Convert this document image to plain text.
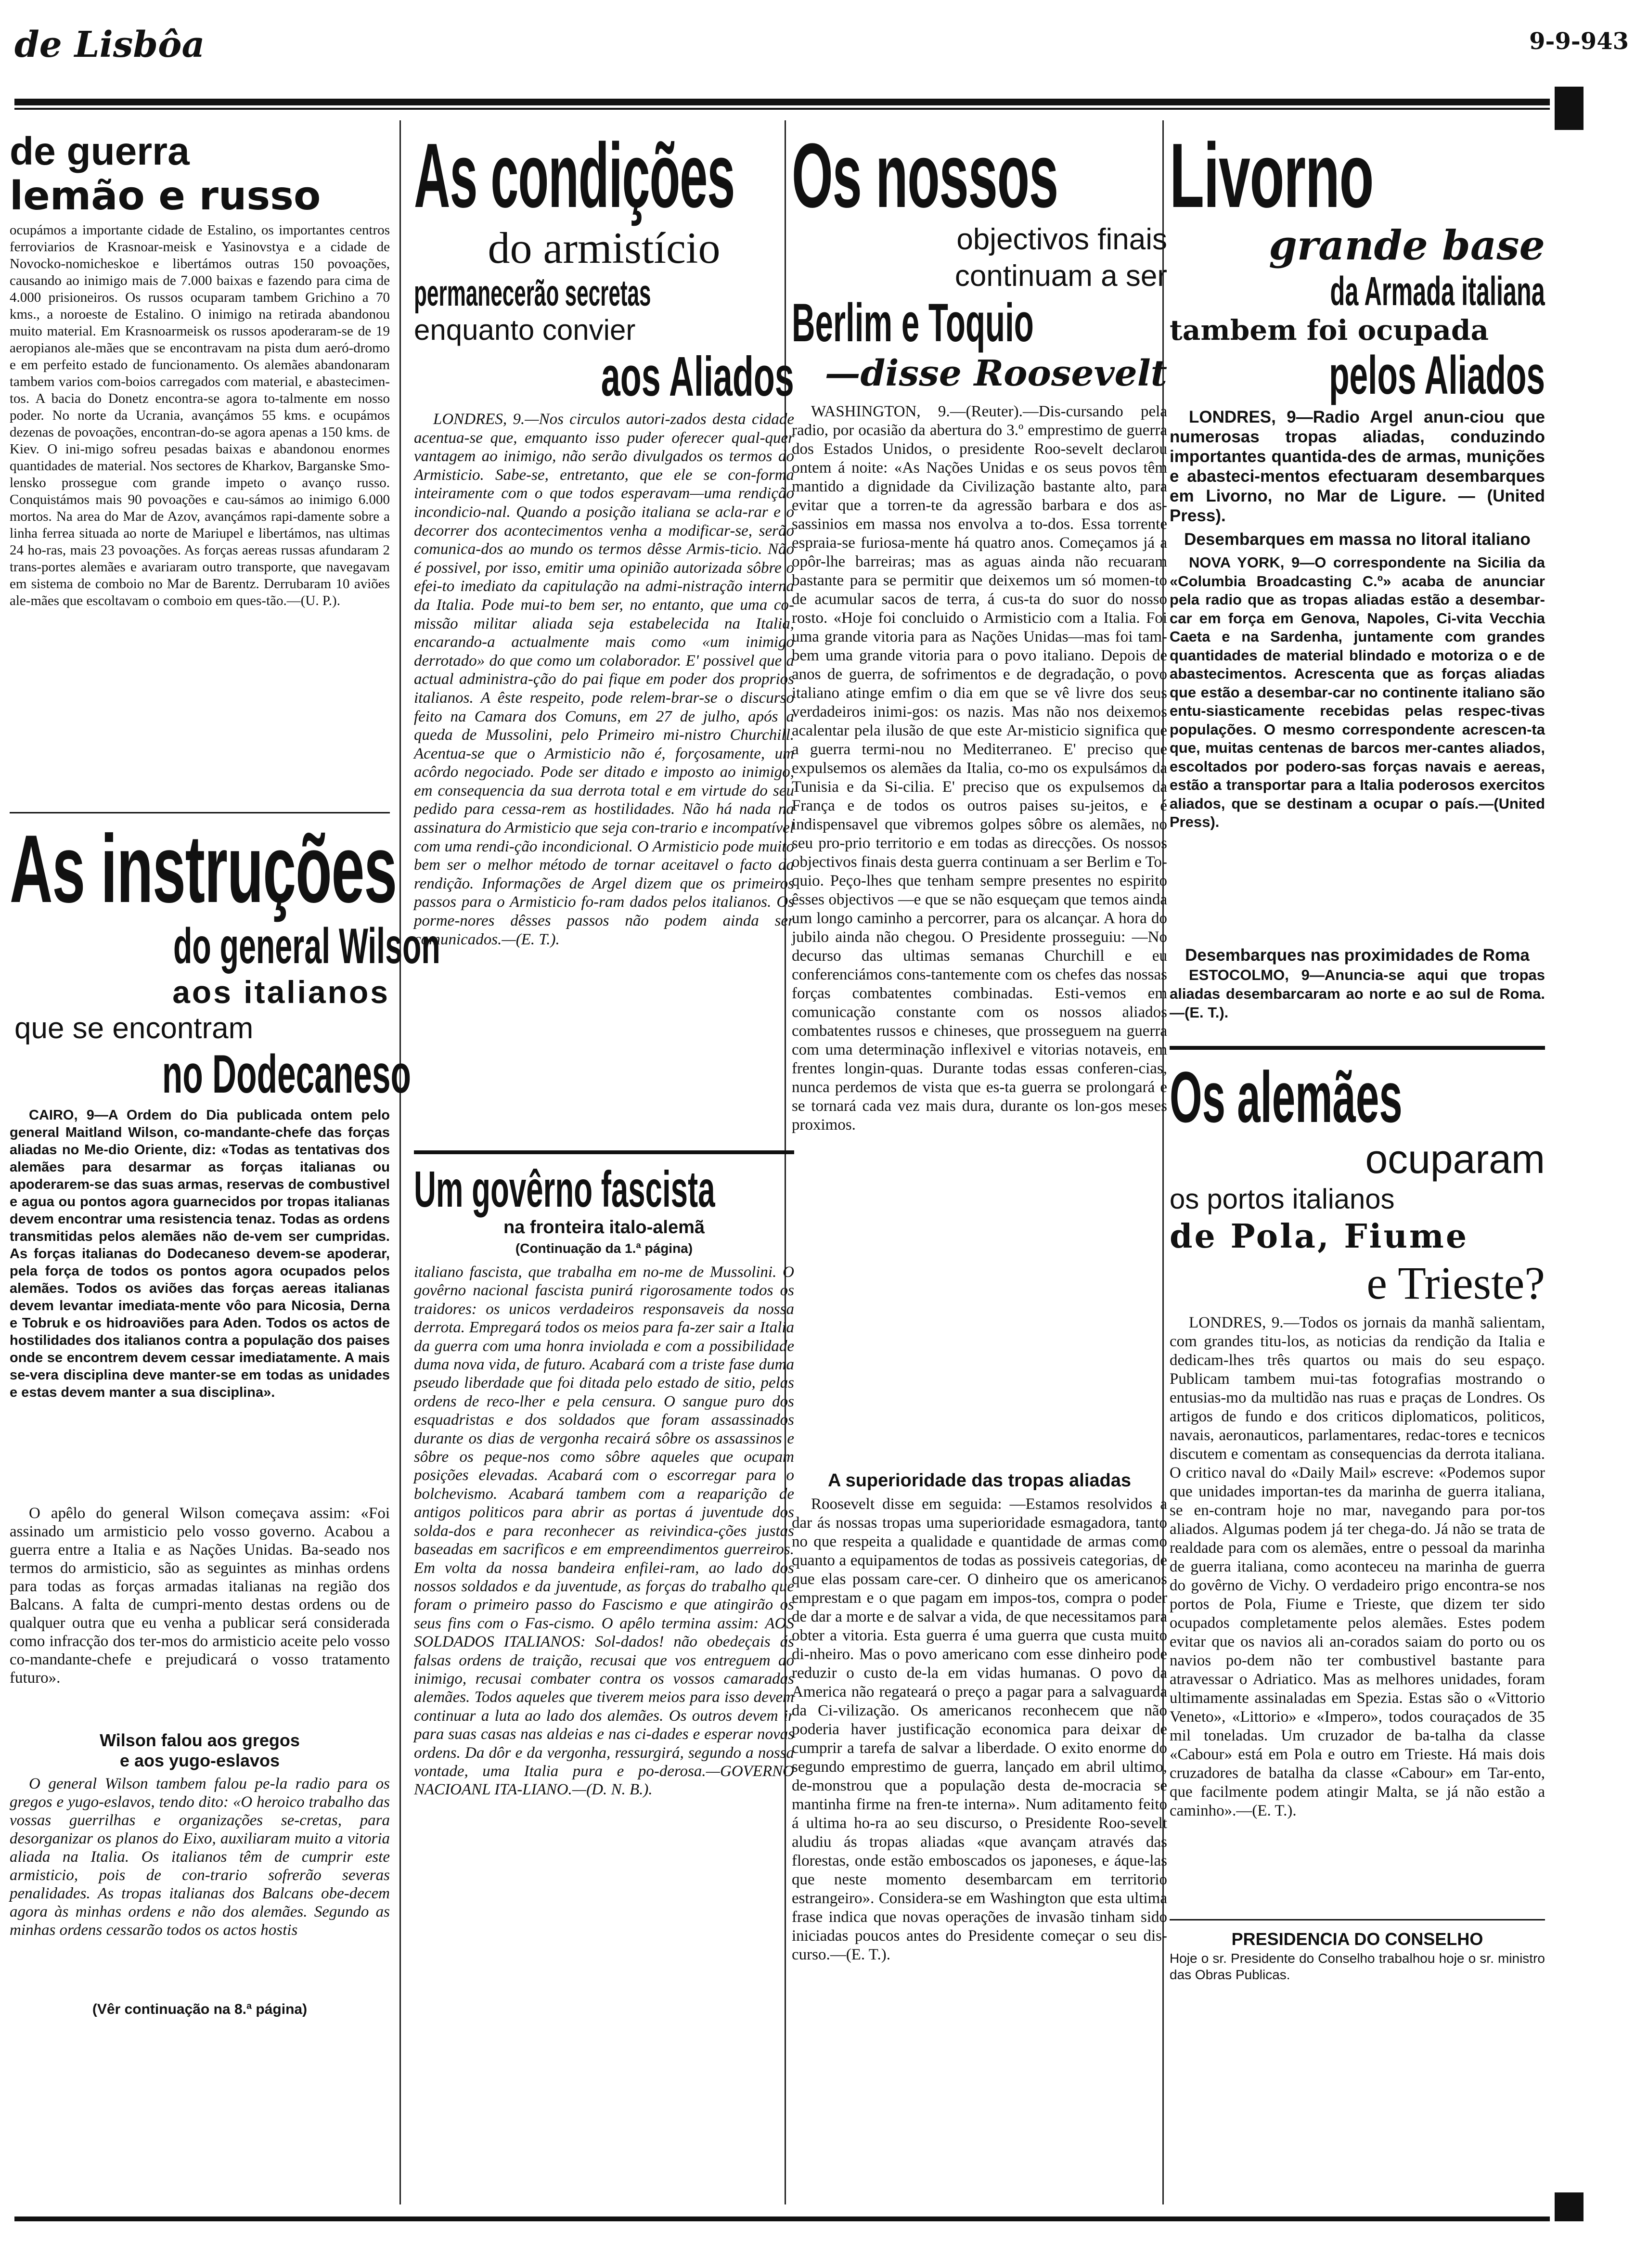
de Lisbôa	9-9-943
de guerra
lemão e russo

ocupámos a importante cidade de Estalino, os importantes centros ferroviarios de Krasnoar-meisk e Yasinovstya e a cidade de Novocko-nomicheskoe e libertámos outras 150 povoações, causando ao inimigo mais de 7.000 baixas e fazendo para cima de 4.000 prisioneiros. Os russos ocuparam tambem Grichino a 70 kms., a noroeste de Estalino. O inimigo na retirada abandonou muito material. Em Krasnoarmeisk os russos apoderaram-se de 19 aeropianos ale-mães que se encontravam na pista dum aeró-dromo e em perfeito estado de funcionamento. Os alemães abandonaram tambem varios com-boios carregados com material, e abastecimen-tos. A bacia do Donetz encontra-se agora to-talmente em nosso poder. No norte da Ucrania, avançámos 55 kms. e ocupámos dezenas de povoações, encontran-do-se agora apenas a 150 kms. de Kiev. O ini-migo sofreu pesadas baixas e abandonou enormes quantidades de material. Nos sectores de Kharkov, Barganske Smo-lensko prossegue com grande impeto o avanço russo. Conquistámos mais 90 povoações e cau-sámos ao inimigo 6.000 mortos. Na area do Mar de Azov, avançámos rapi-damente sobre a linha ferrea situada ao norte de Mariupel e libertámos, nas ultimas 24 ho-ras, mais 23 povoações. As forças aereas russas afundaram 2 trans-portes alemães e avariaram outro transporte, que navegavam em sistema de comboio no Mar de Barentz. Derrubaram 10 aviões ale-mães que escoltavam o comboio em ques-tão.—(U. P.).

As instruções
do general Wilson
aos italianos
que se encontram
no Dodecaneso

CAIRO, 9—A Ordem do Dia publicada ontem pelo general Maitland Wilson, co-mandante-chefe das forças aliadas no Me-dio Oriente, diz: «Todas as tentativas dos alemães para desarmar as forças italianas ou apoderarem-se das suas armas, reservas de combustivel e agua ou pontos agora guarnecidos por tropas italianas devem encontrar uma resistencia tenaz. Todas as ordens transmitidas pelos alemães não de-vem ser cumpridas. As forças italianas do Dodecaneso devem-se apoderar, pela força de todos os pontos agora ocupados pelos alemães. Todos os aviões das forças aereas italianas devem levantar imediata-mente vôo para Nicosia, Derna e Tobruk e os hidroaviões para Aden. Todos os actos de hostilidades dos italianos contra a população dos paises onde se encontrem devem cessar imediatamente. A mais se-vera disciplina deve manter-se em todas as unidades e estas devem manter a sua disciplina».

O apêlo do general Wilson começava assim: «Foi assinado um armisticio pelo vosso governo. Acabou a guerra entre a Italia e as Nações Unidas. Ba-seado nos termos do armisticio, são as seguintes as minhas ordens para todas as forças armadas italianas na região dos Balcans. A falta de cumpri-mento destas ordens ou de qualquer outra que eu venha a publicar será considerada como infracção dos ter-mos do armisticio aceite pelo vosso co-mandante-chefe e prejudicará o vosso tratamento futuro».

Wilson falou aos gregos
e aos yugo-eslavos

O general Wilson tambem falou pe-la radio para os gregos e yugo-eslavos, tendo dito: «O heroico trabalho das vossas guerrilhas e organizações se-cretas, para desorganizar os planos do Eixo, auxiliaram muito a vitoria aliada na Italia. Os italianos têm de cumprir este armisticio, pois de con-trario sofrerão severas penalidades. As tropas italianas dos Balcans obe-decem agora às minhas ordens e não dos alemães. Segundo as minhas ordens cessarão todos os actos hostis

(Vêr continuação na 8.ª página)
As condições
do armistício
permanecerão secretas
enquanto convier
aos Aliados

LONDRES, 9.—Nos circulos autori-zados desta cidade acentua-se que, emquanto isso puder oferecer qual-quer vantagem ao inimigo, não serão divulgados os termos do Armisticio. Sabe-se, entretanto, que ele se con-forma inteiramente com o que todos esperavam—uma rendição incondicio-nal. Quando a posição italiana se acla-rar e o decorrer dos acontecimentos venha a modificar-se, serão comunica-dos ao mundo os termos dêsse Armis-ticio. Não é possivel, por isso, emitir uma opinião autorizada sôbre o efei-to imediato da capitulação na admi-nistração interna da Italia. Pode mui-to bem ser, no entanto, que uma co-missão militar aliada seja estabelecida na Italia, encarando-a actualmente mais como «um inimigo derrotado» do que como um colaborador. E' possivel que a actual administra-ção do pai fique em poder dos proprios italianos. A êste respeito, pode relem-brar-se o discurso feito na Camara dos Comuns, em 27 de julho, após a queda de Mussolini, pelo Primeiro mi-nistro Churchill. Acentua-se que o Armisticio não é, forçosamente, um acôrdo negociado. Pode ser ditado e imposto ao inimigo, em consequencia da sua derrota total e em virtude do seu pedido para cessa-rem as hostilidades. Não há nada na assinatura do Armisticio que seja con-trario e incompatível com uma rendi-ção incondicional. O Armisticio pode muito bem ser o melhor método de tornar aceitavel o facto da rendição. Informações de Argel dizem que os primeiros passos para o Armisticio fo-ram dados pelos italianos. Os porme-nores dêsses passos não podem ainda ser comunicados.—(E. T.).

Um govêrno fascista
na fronteira italo-alemã
(Continuação da 1.ª página)

italiano fascista, que trabalha em no-me de Mussolini. O govêrno nacional fascista punirá rigorosamente todos os traidores: os unicos verdadeiros responsaveis da nossa derrota. Empregará todos os meios para fa-zer sair a Italia da guerra com uma honra inviolada e com a possibilidade duma nova vida, de futuro. Acabará com a triste fase duma pseudo liberdade que foi ditada pelo estado de sitio, pelas ordens de reco-lher e pela censura. O sangue puro dos esquadristas e dos soldados que foram assassinados durante os dias de vergonha recairá sôbre os assassinos e sôbre os peque-nos como sôbre aqueles que ocupam posições elevadas. Acabará com o escorregar para o bolchevismo. Acabará tambem com a reaparição de antigos politicos para abrir as portas á juventude dos solda-dos e para reconhecer as reivindica-ções justas baseadas em sacrificos e em empreendimentos guerreiros. Em volta da nossa bandeira enfilei-ram, ao lado dos nossos soldados e da juventude, as forças do trabalho que foram o primeiro passo do Fascismo e que atingirão os seus fins com o Fas-cismo. O apêlo termina assim: AOS SOLDADOS ITALIANOS: Sol-dados! não obedeçais ás falsas ordens de traição, recusai que vos entreguem ao inimigo, recusai combater contra os vossos camaradas alemães. Todos aqueles que tiverem meios para isso devem continuar a luta ao lado dos alemães. Os outros devem ir para suas casas nas aldeias e nas ci-dades e esperar novas ordens. Da dôr e da vergonha, ressurgirá, segundo a nossa vontade, uma Italia pura e po-derosa.—GOVERNO NACIOANL ITA-LIANO.—(D. N. B.).

Os nossos
objectivos finais
continuam a ser
Berlim e Toquio
—disse Roosevelt

WASHINGTON, 9.—(Reuter).—Dis-cursando pela radio, por ocasião da abertura do 3.º emprestimo de guerra dos Estados Unidos, o presidente Roo-sevelt declarou ontem á noite: «As Nações Unidas e os seus povos têm mantido a dignidade da Civilização bastante alto, para evitar que a torren-te da agressão barbara e dos as-sassinios em massa nos envolva a to-dos. Essa torrente espraia-se furiosa-mente há quatro anos. Começamos já a opôr-lhe barreiras; mas as aguas ainda não recuaram bastante para se permitir que deixemos um só momen-to de acumular sacos de terra, á cus-ta do suor do nosso rosto. «Hoje foi concluido o Armisticio com a Italia. Foi uma grande vitoria para as Nações Unidas—mas foi tam-bem uma grande vitoria para o povo italiano. Depois de anos de guerra, de sofrimentos e de degradação, o povo italiano atinge emfim o dia em que se vê livre dos seus verdadeiros inimi-gos: os nazis. Mas não nos deixemos acalentar pela ilusão de que este Ar-misticio significa que a guerra termi-nou no Mediterraneo. E' preciso que expulsemos os alemães da Italia, co-mo os expulsámos da Tunisia e da Si-cilia. E' preciso que os expulsemos da França e de todos os outros paises su-jeitos, e é indispensavel que vibremos golpes sôbre os alemães, no seu pro-prio territorio e em todas as direcções. Os nossos objectivos finais desta guerra continuam a ser Berlim e To-quio. Peço-lhes que tenham sempre presentes no espirito êsses objectivos —e que se não esqueçam que temos ainda um longo caminho a percorrer, para os alcançar. A hora do jubilo ainda não chegou. O Presidente prosseguiu: —No decurso das ultimas semanas Churchill e eu conferenciámos cons-tantemente com os chefes das nossas forças combatentes combinadas. Esti-vemos em comunicação constante com os nossos aliados combatentes russos e chineses, que prosseguem na guerra com uma determinação inflexivel e vitorias notaveis, em frentes longin-quas. Durante todas essas conferen-cias, nunca perdemos de vista que es-ta guerra se prolongará e se tornará cada vez mais dura, durante os lon-gos meses proximos.

A superioridade das tropas aliadas

Roosevelt disse em seguida: —Estamos resolvidos a dar ás nossas tropas uma superioridade esmagadora, tanto no que respeita a qualidade e quantidade de armas como quanto a equipamentos de todas as possiveis categorias, de que elas possam care-cer. O dinheiro que os americanos emprestam e o que pagam em impos-tos, compra o poder de dar a morte e de salvar a vida, de que necessitamos para obter a vitoria. Esta guerra é uma guerra que custa muito di-nheiro. Mas o povo americano com esse dinheiro pode reduzir o custo de-la em vidas humanas. O povo da America não regateará o preço a pagar para a salvaguarda da Ci-vilização. Os americanos reconhecem que não poderia haver justificação economica para deixar de cumprir a tarefa de salvar a liberdade. O exito enorme do segundo emprestimo de guerra, lançado em abril ultimo, de-monstrou que a população desta de-mocracia se mantinha firme na fren-te interna». Num aditamento feito á ultima ho-ra ao seu discurso, o Presidente Roo-sevelt aludiu ás tropas aliadas «que avançam através das florestas, onde estão emboscados os japoneses, e áque-las que neste momento desembarcam em territorio estrangeiro». Considera-se em Washington que esta ultima frase indica que novas operações de invasão tinham sido iniciadas poucos antes do Presidente começar o seu dis-curso.—(E. T.).

Livorno
grande base
da Armada italiana
tambem foi ocupada
pelos Aliados

LONDRES, 9—Radio Argel anun-ciou que numerosas tropas aliadas, conduzindo importantes quantida-des de armas, munições e abasteci-mentos efectuaram desembarques em Livorno, no Mar de Ligure. — (United Press).

Desembarques em massa no litoral italiano

NOVA YORK, 9—O correspondente na Sicilia da «Columbia Broadcasting C.º» acaba de anunciar pela radio que as tropas aliadas estão a desembar-car em força em Genova, Napoles, Ci-vita Vecchia Caeta e na Sardenha, juntamente com grandes quantidades de material blindado e motoriza o e de abastecimentos. Acrescenta que as forças aliadas que estão a desembar-car no continente italiano são entu-siasticamente recebidas pelas respec-tivas populações. O mesmo correspondente acrescen-ta que, muitas centenas de barcos mer-cantes aliados, escoltados por podero-sas forças navais e aereas, estão a transportar para a Italia poderosos exercitos aliados, que se destinam a ocupar o país.—(United Press).

Desembarques nas proximidades de Roma

ESTOCOLMO, 9—Anuncia-se aqui que tropas aliadas desembarcaram ao norte e ao sul de Roma.—(E. T.).

Os alemães
ocuparam
os portos italianos
de Pola, Fiume
e Trieste?

LONDRES, 9.—Todos os jornais da manhã salientam, com grandes titu-los, as noticias da rendição da Italia e dedicam-lhes três quartos ou mais do seu espaço. Publicam tambem mui-tas fotografias mostrando o entusias-mo da multidão nas ruas e praças de Londres. Os artigos de fundo e dos criticos diplomaticos, politicos, navais, aeronauticos, parlamentares, redac-tores e tecnicos discutem e comentam as consequencias da derrota italiana. O critico naval do «Daily Mail» escreve: «Podemos supor que unidades importan-tes da marinha de guerra italiana, se en-contram hoje no mar, navegando para por-tos aliados. Algumas podem já ter chega-do. Já não se trata de realdade para com os alemães, entre o pessoal da marinha de guerra italiana, como aconteceu na marinha de guerra do govêrno de Vichy. O verdadeiro prigo encontra-se nos portos de Pola, Fiume e Trieste, que dizem ter sido ocupados completamente pelos alemães. Estes podem evitar que os navios ali an-corados saiam do porto ou os navios po-dem não ter combustivel bastante para atravessar o Adriatico. Mas as melhores unidades, foram ultimamente assinaladas em Spezia. Estas são o «Vittorio Veneto», «Littorio» e «Impero», todos couraçados de 35 mil toneladas. Um cruzador de ba-talha da classe «Cabour» está em Pola e outro em Trieste. Há mais dois cruzadores de batalha da classe «Cabour» em Tar-ento, que facilmente podem atingir Malta, se já não estão a caminho».—(E. T.).

PRESIDENCIA DO CONSELHO

Hoje o sr. Presidente do Conselho trabalhou hoje o sr. ministro das Obras Publicas.
